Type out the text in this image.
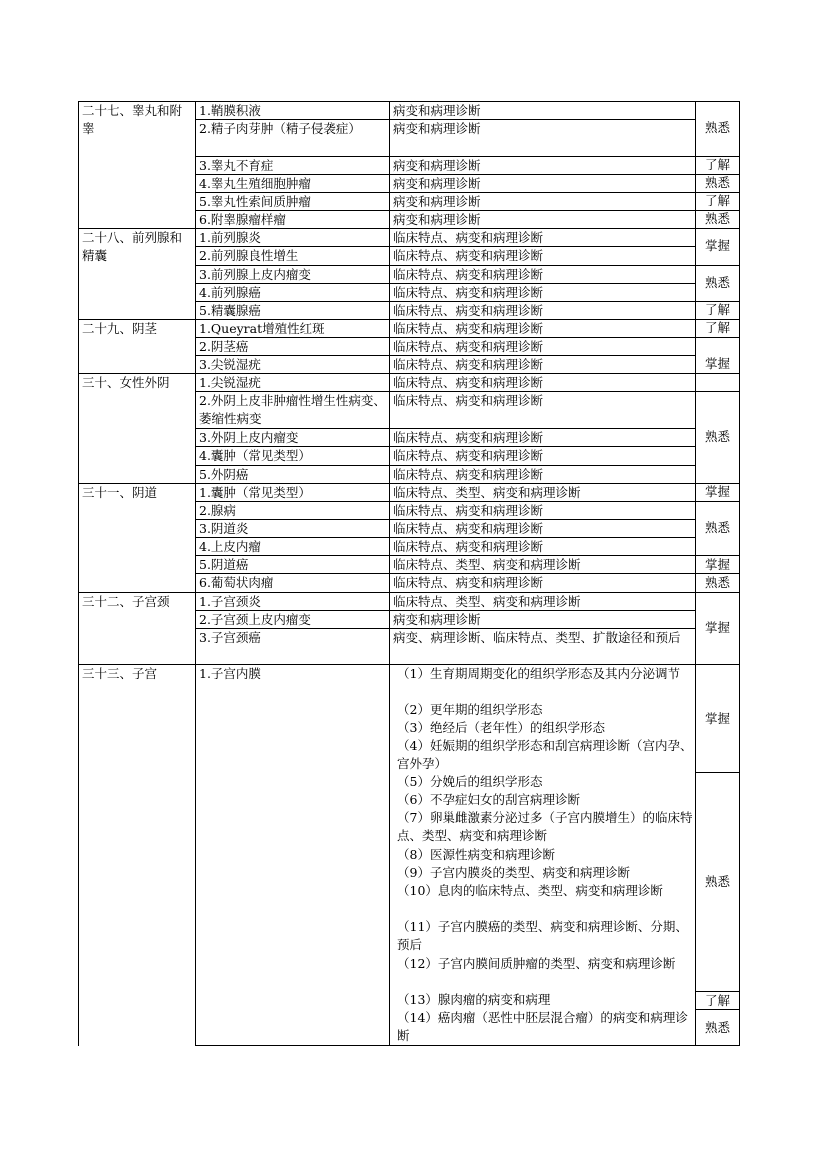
二十七、睾丸和附睾
二十八、前列腺和精囊
二十九、阴茎
三十、女性外阴
三十一、阴道
三十二、子宫颈
三十三、子宫
1.鞘膜积液
2.精子肉芽肿（精子侵袭症）
3.睾丸不育症
4.睾丸生殖细胞肿瘤
5.睾丸性索间质肿瘤
6.附睾腺瘤样瘤
1.前列腺炎
2.前列腺良性增生
3.前列腺上皮内瘤变
4.前列腺癌
5.精囊腺癌
1.Queyrat增殖性红斑
2.阴茎癌
3.尖锐湿疣
1.尖锐湿疣
2.外阴上皮非肿瘤性增生性病变、萎缩性病变
3.外阴上皮内瘤变
4.囊肿（常见类型）
5.外阴癌
1.囊肿（常见类型）
2.腺病
3.阴道炎
4.上皮内瘤
5.阴道癌
6.葡萄状肉瘤
1.子宫颈炎
2.子宫颈上皮内瘤变
3.子宫颈癌
1.子宫内膜
病变和病理诊断
病变和病理诊断
病变和病理诊断
病变和病理诊断
病变和病理诊断
病变和病理诊断
临床特点、病变和病理诊断
临床特点、病变和病理诊断
临床特点、病变和病理诊断
临床特点、病变和病理诊断
临床特点、病变和病理诊断
临床特点、病变和病理诊断
临床特点、病变和病理诊断
临床特点、病变和病理诊断
临床特点、病变和病理诊断
临床特点、病变和病理诊断
临床特点、病变和病理诊断
临床特点、病变和病理诊断
临床特点、病变和病理诊断
临床特点、类型、病变和病理诊断
临床特点、病变和病理诊断
临床特点、病变和病理诊断
临床特点、病变和病理诊断
临床特点、类型、病变和病理诊断
临床特点、病变和病理诊断
临床特点、类型、病变和病理诊断
病变和病理诊断
病变、病理诊断、临床特点、类型、扩散途径和预后
（1）生育期周期变化的组织学形态及其内分泌调节
（2）更年期的组织学形态
（3）绝经后（老年性）的组织学形态
（4）妊娠期的组织学形态和刮宫病理诊断（宫内孕、宫外孕）
（5）分娩后的组织学形态
（6）不孕症妇女的刮宫病理诊断
（7）卵巢雌激素分泌过多（子宫内膜增生）的临床特点、类型、病变和病理诊断
（8）医源性病变和病理诊断
（9）子宫内膜炎的类型、病变和病理诊断
（10）息肉的临床特点、类型、病变和病理诊断
（11）子宫内膜癌的类型、病变和病理诊断、分期、预后
（12）子宫内膜间质肿瘤的类型、病变和病理诊断
（13）腺肉瘤的病变和病理
（14）癌肉瘤（恶性中胚层混合瘤）的病变和病理诊断
熟悉
了解
熟悉
了解
熟悉
掌握
熟悉
了解
了解
掌握
熟悉
掌握
熟悉
掌握
熟悉
掌握
掌握
熟悉
了解
熟悉
